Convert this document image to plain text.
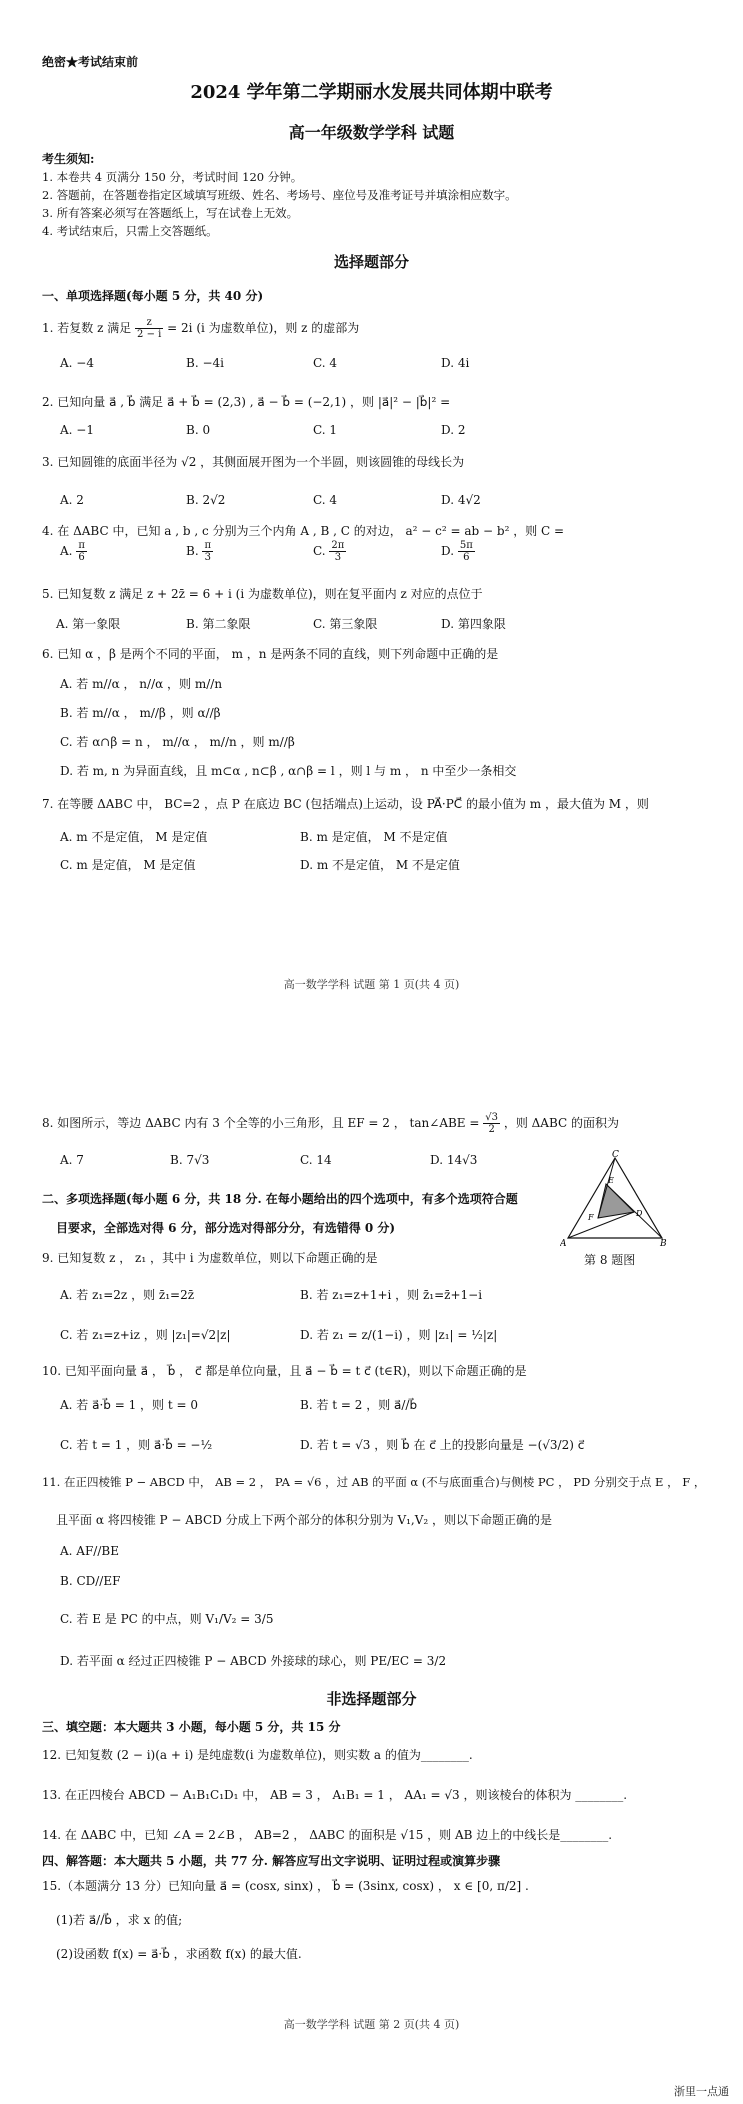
绝密★考试结束前
2024 学年第二学期丽水发展共同体期中联考
高一年级数学学科 试题
考生须知:
1. 本卷共 4 页满分 150 分，考试时间 120 分钟。
2. 答题前，在答题卷指定区域填写班级、姓名、考场号、座位号及准考证号并填涂相应数字。
3. 所有答案必须写在答题纸上，写在试卷上无效。
4. 考试结束后，只需上交答题纸。
选择题部分
一、单项选择题(每小题 5 分，共 40 分)
1. 若复数 z 满足 $\frac{z}{2 - i} = 2i$ (i 为虚数单位)，则 z 的虚部为
A. −4	B. −4i	C. 4	D. 4i
2. 已知向量 a⃗ , b⃗ 满足 a⃗ + b⃗ = (2,3) , a⃗ − b⃗ = (−2,1) ，则 |a⃗|² − |b⃗|² =
A. −1	B. 0	C. 1	D. 2
3. 已知圆锥的底面半径为 √2 ，其侧面展开图为一个半圆，则该圆锥的母线长为
A. 2	B. 2√2	C. 4	D. 4√2
4. 在 ΔABC 中，已知 a , b , c 分别为三个内角 A , B , C 的对边， a² − c² = ab − b² ，则 C =
A. $\frac{\pi}{6}$	B. $\frac{\pi}{3}$	C. $\frac{2\pi}{3}$	D. $\frac{5\pi}{6}$
5. 已知复数 z 满足 z + 2z̄ = 6 + i (i 为虚数单位)，则在复平面内 z 对应的点位于
A. 第一象限	B. 第二象限	C. 第三象限	D. 第四象限
6. 已知 α ，β 是两个不同的平面， m ，n 是两条不同的直线，则下列命题中正确的是
A. 若 m//α ， n//α ，则 m//n
B. 若 m//α ， m//β ，则 α//β
C. 若 α∩β = n ， m//α ， m//n ，则 m//β
D. 若 m, n 为异面直线，且 m⊂α , n⊂β , α∩β = l ，则 l 与 m ， n 中至少一条相交
7. 在等腰 ΔABC 中， BC=2 ，点 P 在底边 BC (包括端点)上运动，设 PA⃗·PC⃗ 的最小值为 m ，最大值为 M ，则
A. m 不是定值， M 是定值	B. m 是定值， M 不是定值
C. m 是定值， M 是定值	D. m 不是定值， M 不是定值
高一数学学科 试题 第 1 页(共 4 页)
8. 如图所示，等边 ΔABC 内有 3 个全等的小三角形，且 EF = 2 ， tan∠ABE = $\frac{√3}{2}$ ，则 ΔABC 的面积为
A. 7	B. 7√3	C. 14	D. 14√3	C
E
F	D
A	B
第 8 题图
二、多项选择题(每小题 6 分，共 18 分. 在每小题给出的四个选项中，有多个选项符合题
目要求，全部选对得 6 分，部分选对得部分分，有选错得 0 分)
9. 已知复数 z ， z₁ ，其中 i 为虚数单位，则以下命题正确的是
A. 若 z₁=2z ，则 z̄₁=2z̄	B. 若 z₁=z+1+i ，则 z̄₁=z̄+1−i
C. 若 z₁=z+iz ，则 |z₁|=√2|z|	D. 若 z₁ = z/(1−i) ，则 |z₁| = ½|z|
10. 已知平面向量 a⃗ ， b⃗ ， c⃗ 都是单位向量，且 a⃗ − b⃗ = t c⃗ (t∈R)，则以下命题正确的是
A. 若 a⃗·b⃗ = 1 ，则 t = 0	B. 若 t = 2 ，则 a⃗//b⃗
C. 若 t = 1 ，则 a⃗·b⃗ = −½	D. 若 t = √3 ，则 b⃗ 在 c⃗ 上的投影向量是 −(√3/2) c⃗
11. 在正四棱锥 P − ABCD 中， AB = 2 ， PA = √6 ，过 AB 的平面 α (不与底面重合)与侧棱 PC ， PD 分别交于点 E ， F ，
且平面 α 将四棱锥 P − ABCD 分成上下两个部分的体积分别为 V₁,V₂ ，则以下命题正确的是
A. AF//BE
B. CD//EF
C. 若 E 是 PC 的中点，则 V₁/V₂ = 3/5
D. 若平面 α 经过正四棱锥 P − ABCD 外接球的球心，则 PE/EC = 3/2
非选择题部分
三、填空题：本大题共 3 小题，每小题 5 分，共 15 分
12. 已知复数 (2 − i)(a + i) 是纯虚数(i 为虚数单位)，则实数 a 的值为________.
13. 在正四棱台 ABCD − A₁B₁C₁D₁ 中， AB = 3 ， A₁B₁ = 1 ， AA₁ = √3 ，则该棱台的体积为 ________.
14. 在 ΔABC 中，已知 ∠A = 2∠B ， AB=2 ， ΔABC 的面积是 √15 ，则 AB 边上的中线长是________.
四、解答题：本大题共 5 小题，共 77 分. 解答应写出文字说明、证明过程或演算步骤
15.（本题满分 13 分）已知向量 a⃗ = (cosx, sinx) ， b⃗ = (3sinx, cosx) ， x ∈ [0, π/2] .
(1)若 a⃗//b⃗ ，求 x 的值;
(2)设函数 f(x) = a⃗·b⃗ ，求函数 f(x) 的最大值.
高一数学学科 试题 第 2 页(共 4 页)
浙里一点通
